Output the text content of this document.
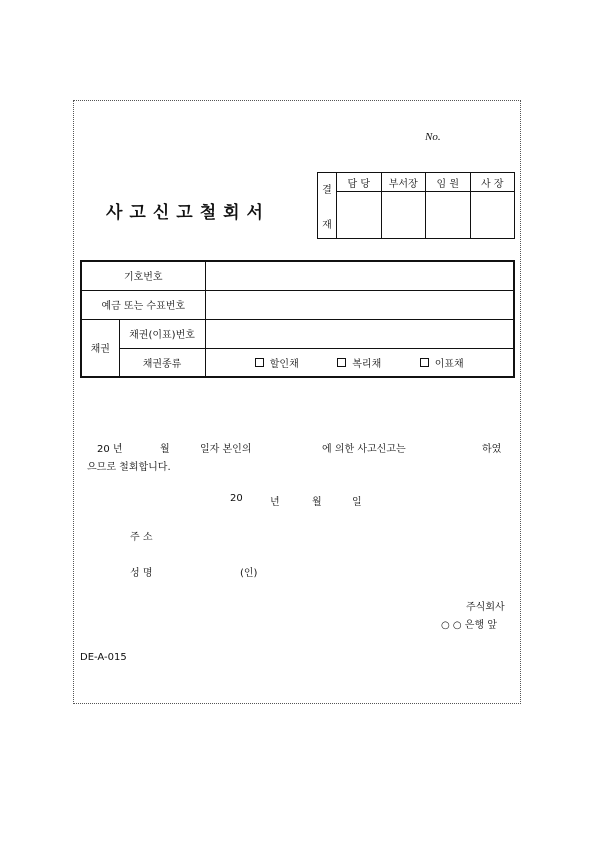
No.
사고신고철회서
결
재	담 당	부서장	임 원	사 장

기호번호		
예금 또는 수표번호		
채권	채권(이표)번호	
	채권종류	할인채 복리채 이표채
20 년	월	일자 본인의	에 의한 사고신고는	하였
으므로 철회합니다.
20	년	월	일
주 소
성 명	(인)
주식회사
○ ○ 은행 앞
DE-A-015
